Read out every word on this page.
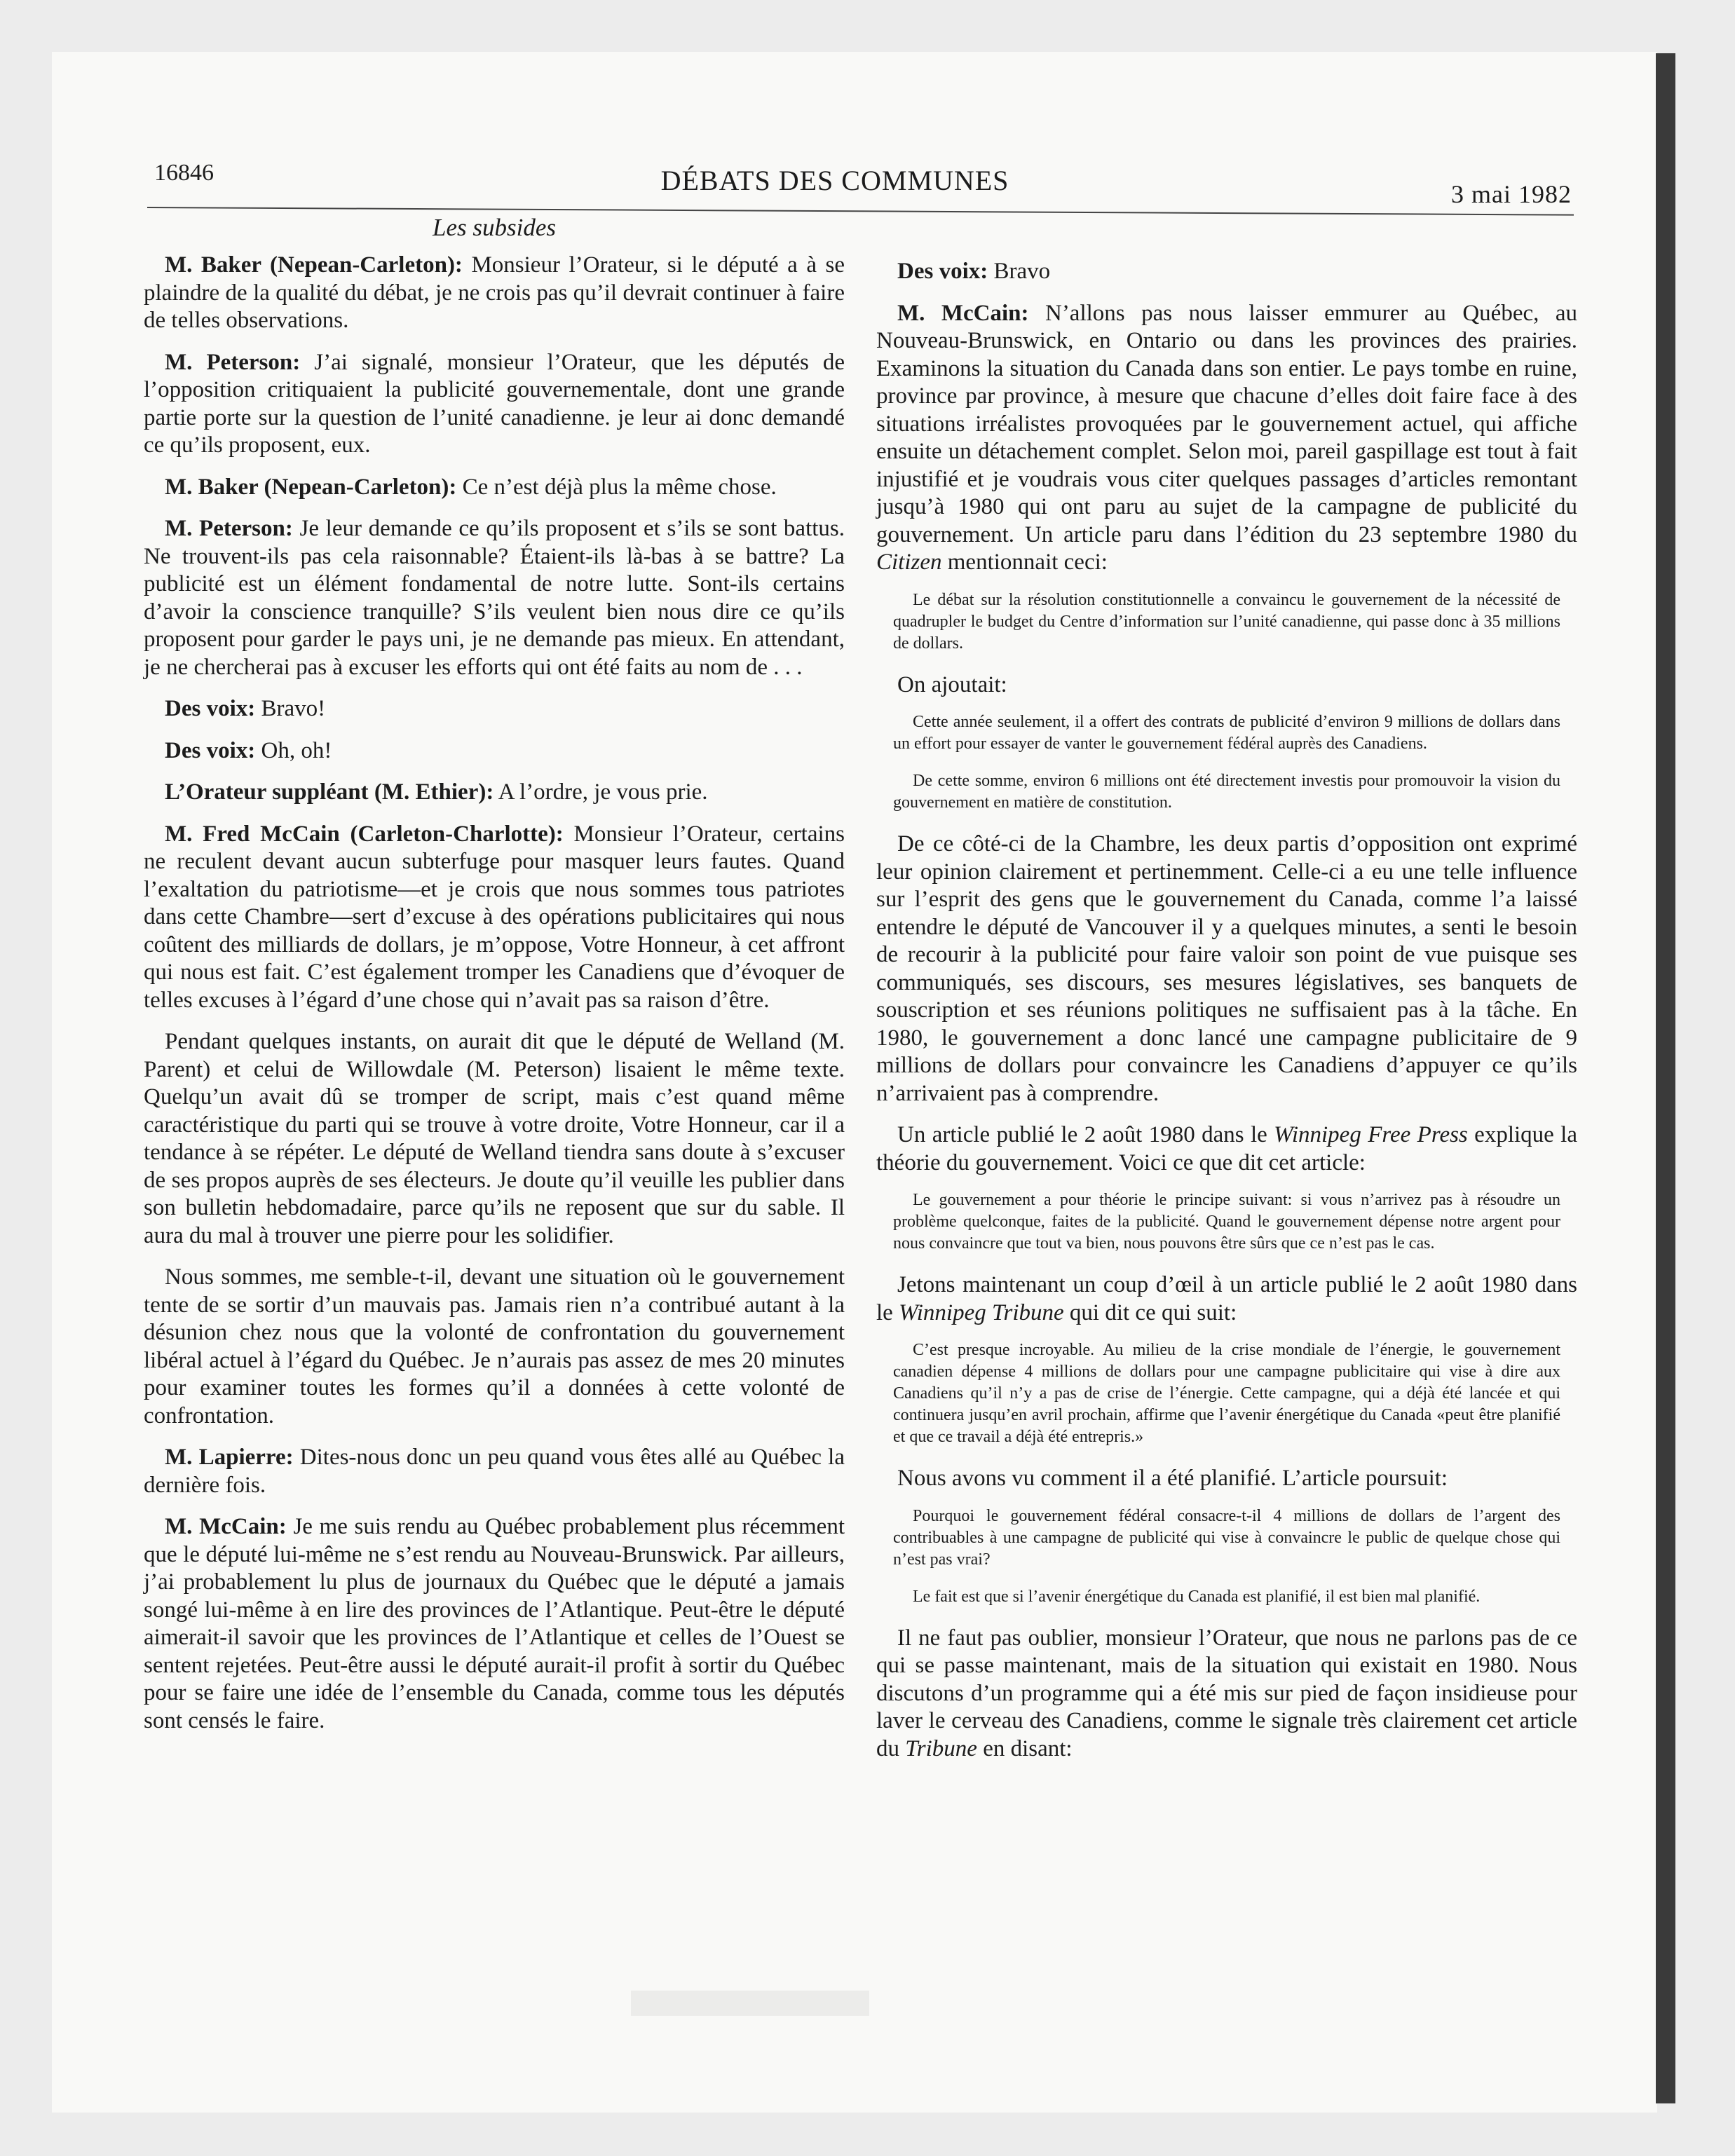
16846	DÉBATS DES COMMUNES	3 mai 1982
Les subsides

M. Baker (Nepean-Carleton): Monsieur l’Orateur, si le député a à se plaindre de la qualité du débat, je ne crois pas qu’il devrait continuer à faire de telles observations.

M. Peterson: J’ai signalé, monsieur l’Orateur, que les députés de l’opposition critiquaient la publicité gouvernementale, dont une grande partie porte sur la question de l’unité canadienne. je leur ai donc demandé ce qu’ils proposent, eux.

M. Baker (Nepean-Carleton): Ce n’est déjà plus la même chose.

M. Peterson: Je leur demande ce qu’ils proposent et s’ils se sont battus. Ne trouvent-ils pas cela raisonnable? Étaient-ils là-bas à se battre? La publicité est un élément fondamental de notre lutte. Sont-ils certains d’avoir la conscience tranquille? S’ils veulent bien nous dire ce qu’ils proposent pour garder le pays uni, je ne demande pas mieux. En attendant, je ne chercherai pas à excuser les efforts qui ont été faits au nom de . . .

Des voix: Bravo!

Des voix: Oh, oh!

L’Orateur suppléant (M. Ethier): A l’ordre, je vous prie.

M. Fred McCain (Carleton-Charlotte): Monsieur l’Orateur, certains ne reculent devant aucun subterfuge pour masquer leurs fautes. Quand l’exaltation du patriotisme—et je crois que nous sommes tous patriotes dans cette Chambre—sert d’excuse à des opérations publicitaires qui nous coûtent des milliards de dollars, je m’oppose, Votre Honneur, à cet affront qui nous est fait. C’est également tromper les Canadiens que d’évoquer de telles excuses à l’égard d’une chose qui n’avait pas sa raison d’être.

Pendant quelques instants, on aurait dit que le député de Welland (M. Parent) et celui de Willowdale (M. Peterson) lisaient le même texte. Quelqu’un avait dû se tromper de script, mais c’est quand même caractéristique du parti qui se trouve à votre droite, Votre Honneur, car il a tendance à se répéter. Le député de Welland tiendra sans doute à s’excuser de ses propos auprès de ses électeurs. Je doute qu’il veuille les publier dans son bulletin hebdomadaire, parce qu’ils ne reposent que sur du sable. Il aura du mal à trouver une pierre pour les solidifier.

Nous sommes, me semble-t-il, devant une situation où le gouvernement tente de se sortir d’un mauvais pas. Jamais rien n’a contribué autant à la désunion chez nous que la volonté de confrontation du gouvernement libéral actuel à l’égard du Québec. Je n’aurais pas assez de mes 20 minutes pour examiner toutes les formes qu’il a données à cette volonté de confrontation.

M. Lapierre: Dites-nous donc un peu quand vous êtes allé au Québec la dernière fois.

M. McCain: Je me suis rendu au Québec probablement plus récemment que le député lui-même ne s’est rendu au Nouveau-Brunswick. Par ailleurs, j’ai probablement lu plus de journaux du Québec que le député a jamais songé lui-même à en lire des provinces de l’Atlantique. Peut-être le député aimerait-il savoir que les provinces de l’Atlantique et celles de l’Ouest se sentent rejetées. Peut-être aussi le député aurait-il profit à sortir du Québec pour se faire une idée de l’ensemble du Canada, comme tous les députés sont censés le faire.

Des voix: Bravo

M. McCain: N’allons pas nous laisser emmurer au Québec, au Nouveau-Brunswick, en Ontario ou dans les provinces des prairies. Examinons la situation du Canada dans son entier. Le pays tombe en ruine, province par province, à mesure que chacune d’elles doit faire face à des situations irréalistes provoquées par le gouvernement actuel, qui affiche ensuite un détachement complet. Selon moi, pareil gaspillage est tout à fait injustifié et je voudrais vous citer quelques passages d’articles remontant jusqu’à 1980 qui ont paru au sujet de la campagne de publicité du gouvernement. Un article paru dans l’édition du 23 septembre 1980 du Citizen mentionnait ceci:

Le débat sur la résolution constitutionnelle a convaincu le gouvernement de la nécessité de quadrupler le budget du Centre d’information sur l’unité canadienne, qui passe donc à 35 millions de dollars.

On ajoutait:

Cette année seulement, il a offert des contrats de publicité d’environ 9 millions de dollars dans un effort pour essayer de vanter le gouvernement fédéral auprès des Canadiens.
De cette somme, environ 6 millions ont été directement investis pour promouvoir la vision du gouvernement en matière de constitution.

De ce côté-ci de la Chambre, les deux partis d’opposition ont exprimé leur opinion clairement et pertinemment. Celle-ci a eu une telle influence sur l’esprit des gens que le gouvernement du Canada, comme l’a laissé entendre le député de Vancouver il y a quelques minutes, a senti le besoin de recourir à la publicité pour faire valoir son point de vue puisque ses communiqués, ses discours, ses mesures législatives, ses banquets de souscription et ses réunions politiques ne suffisaient pas à la tâche. En 1980, le gouvernement a donc lancé une campagne publicitaire de 9 millions de dollars pour convaincre les Canadiens d’appuyer ce qu’ils n’arrivaient pas à comprendre.

Un article publié le 2 août 1980 dans le Winnipeg Free Press explique la théorie du gouvernement. Voici ce que dit cet article:

Le gouvernement a pour théorie le principe suivant: si vous n’arrivez pas à résoudre un problème quelconque, faites de la publicité. Quand le gouvernement dépense notre argent pour nous convaincre que tout va bien, nous pouvons être sûrs que ce n’est pas le cas.

Jetons maintenant un coup d’œil à un article publié le 2 août 1980 dans le Winnipeg Tribune qui dit ce qui suit:

C’est presque incroyable. Au milieu de la crise mondiale de l’énergie, le gouvernement canadien dépense 4 millions de dollars pour une campagne publicitaire qui vise à dire aux Canadiens qu’il n’y a pas de crise de l’énergie. Cette campagne, qui a déjà été lancée et qui continuera jusqu’en avril prochain, affirme que l’avenir énergétique du Canada «peut être planifié et que ce travail a déjà été entrepris.»

Nous avons vu comment il a été planifié. L’article poursuit:

Pourquoi le gouvernement fédéral consacre-t-il 4 millions de dollars de l’argent des contribuables à une campagne de publicité qui vise à convaincre le public de quelque chose qui n’est pas vrai?
Le fait est que si l’avenir énergétique du Canada est planifié, il est bien mal planifié.

Il ne faut pas oublier, monsieur l’Orateur, que nous ne parlons pas de ce qui se passe maintenant, mais de la situation qui existait en 1980. Nous discutons d’un programme qui a été mis sur pied de façon insidieuse pour laver le cerveau des Canadiens, comme le signale très clairement cet article du Tribune en disant:
